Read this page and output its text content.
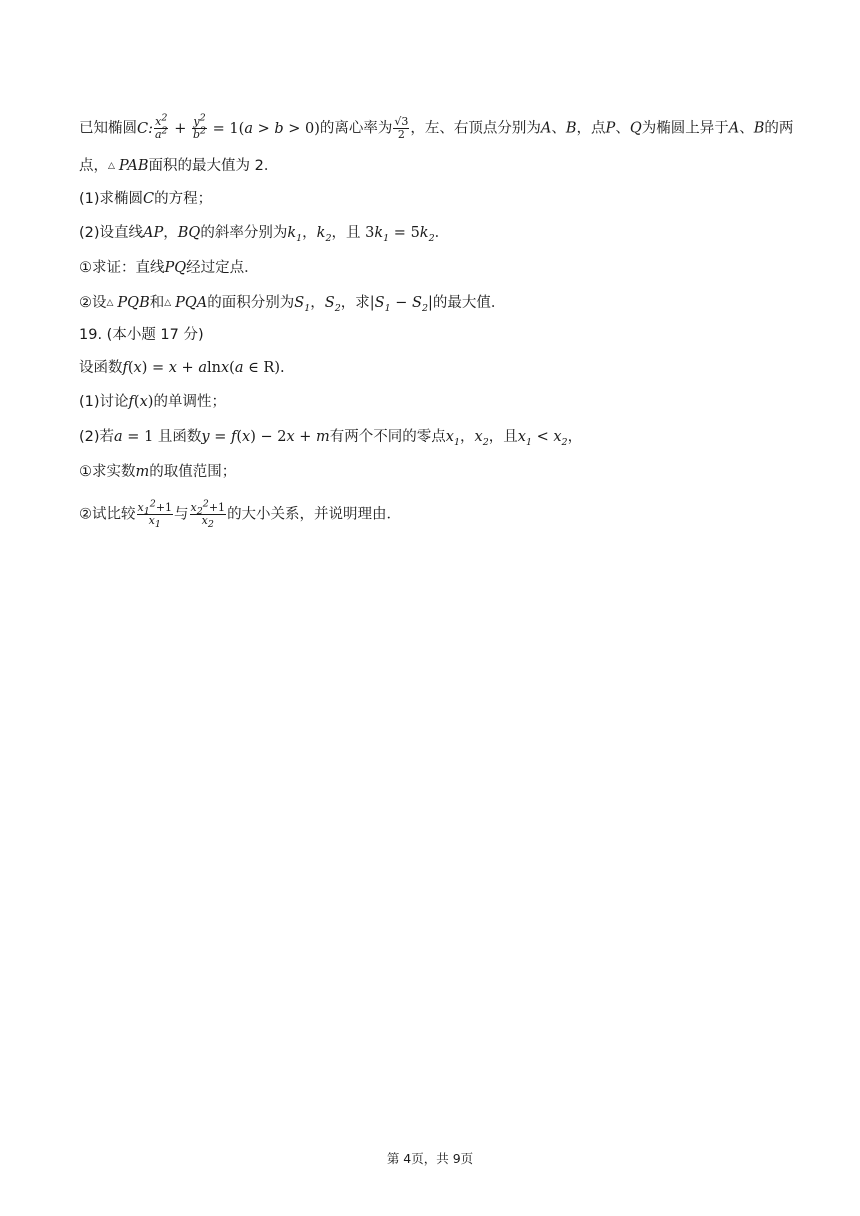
已知椭圆C: $\frac{x^2}{a^2} + \frac{y^2}{b^2} = 1(a > b > 0)$的离心率为 $\frac{√3}{2}$ ，左、右顶点分别为A、B，点P、Q为椭圆上异于A、B的两
点，△ PAB面积的最大值为 2．
(1)求椭圆C的方程；
(2)设直线AP，BQ的斜率分别为$k_1$，$k_2$，且 $3k_1 = 5k_2$．
①求证：直线PQ经过定点．
②设△ PQB和△ PQA的面积分别为$S_1$，$S_2$，求$|S_1 - S_2|$的最大值．
19. (本小题 17 分)
设函数f(x) = x + alnx(a ∈ R).
(1)讨论f(x)的单调性；
(2)若a = 1 且函数y = f(x) − 2x + m有两个不同的零点$x_1$，$x_2$，且$x_1 < x_2$，
①求实数m的取值范围；
②试比较 $\frac{x_1^2+1}{x_1}$ 与 $\frac{x_2^2+1}{x_2}$ 的大小关系，并说明理由．
第 4页，共 9页
